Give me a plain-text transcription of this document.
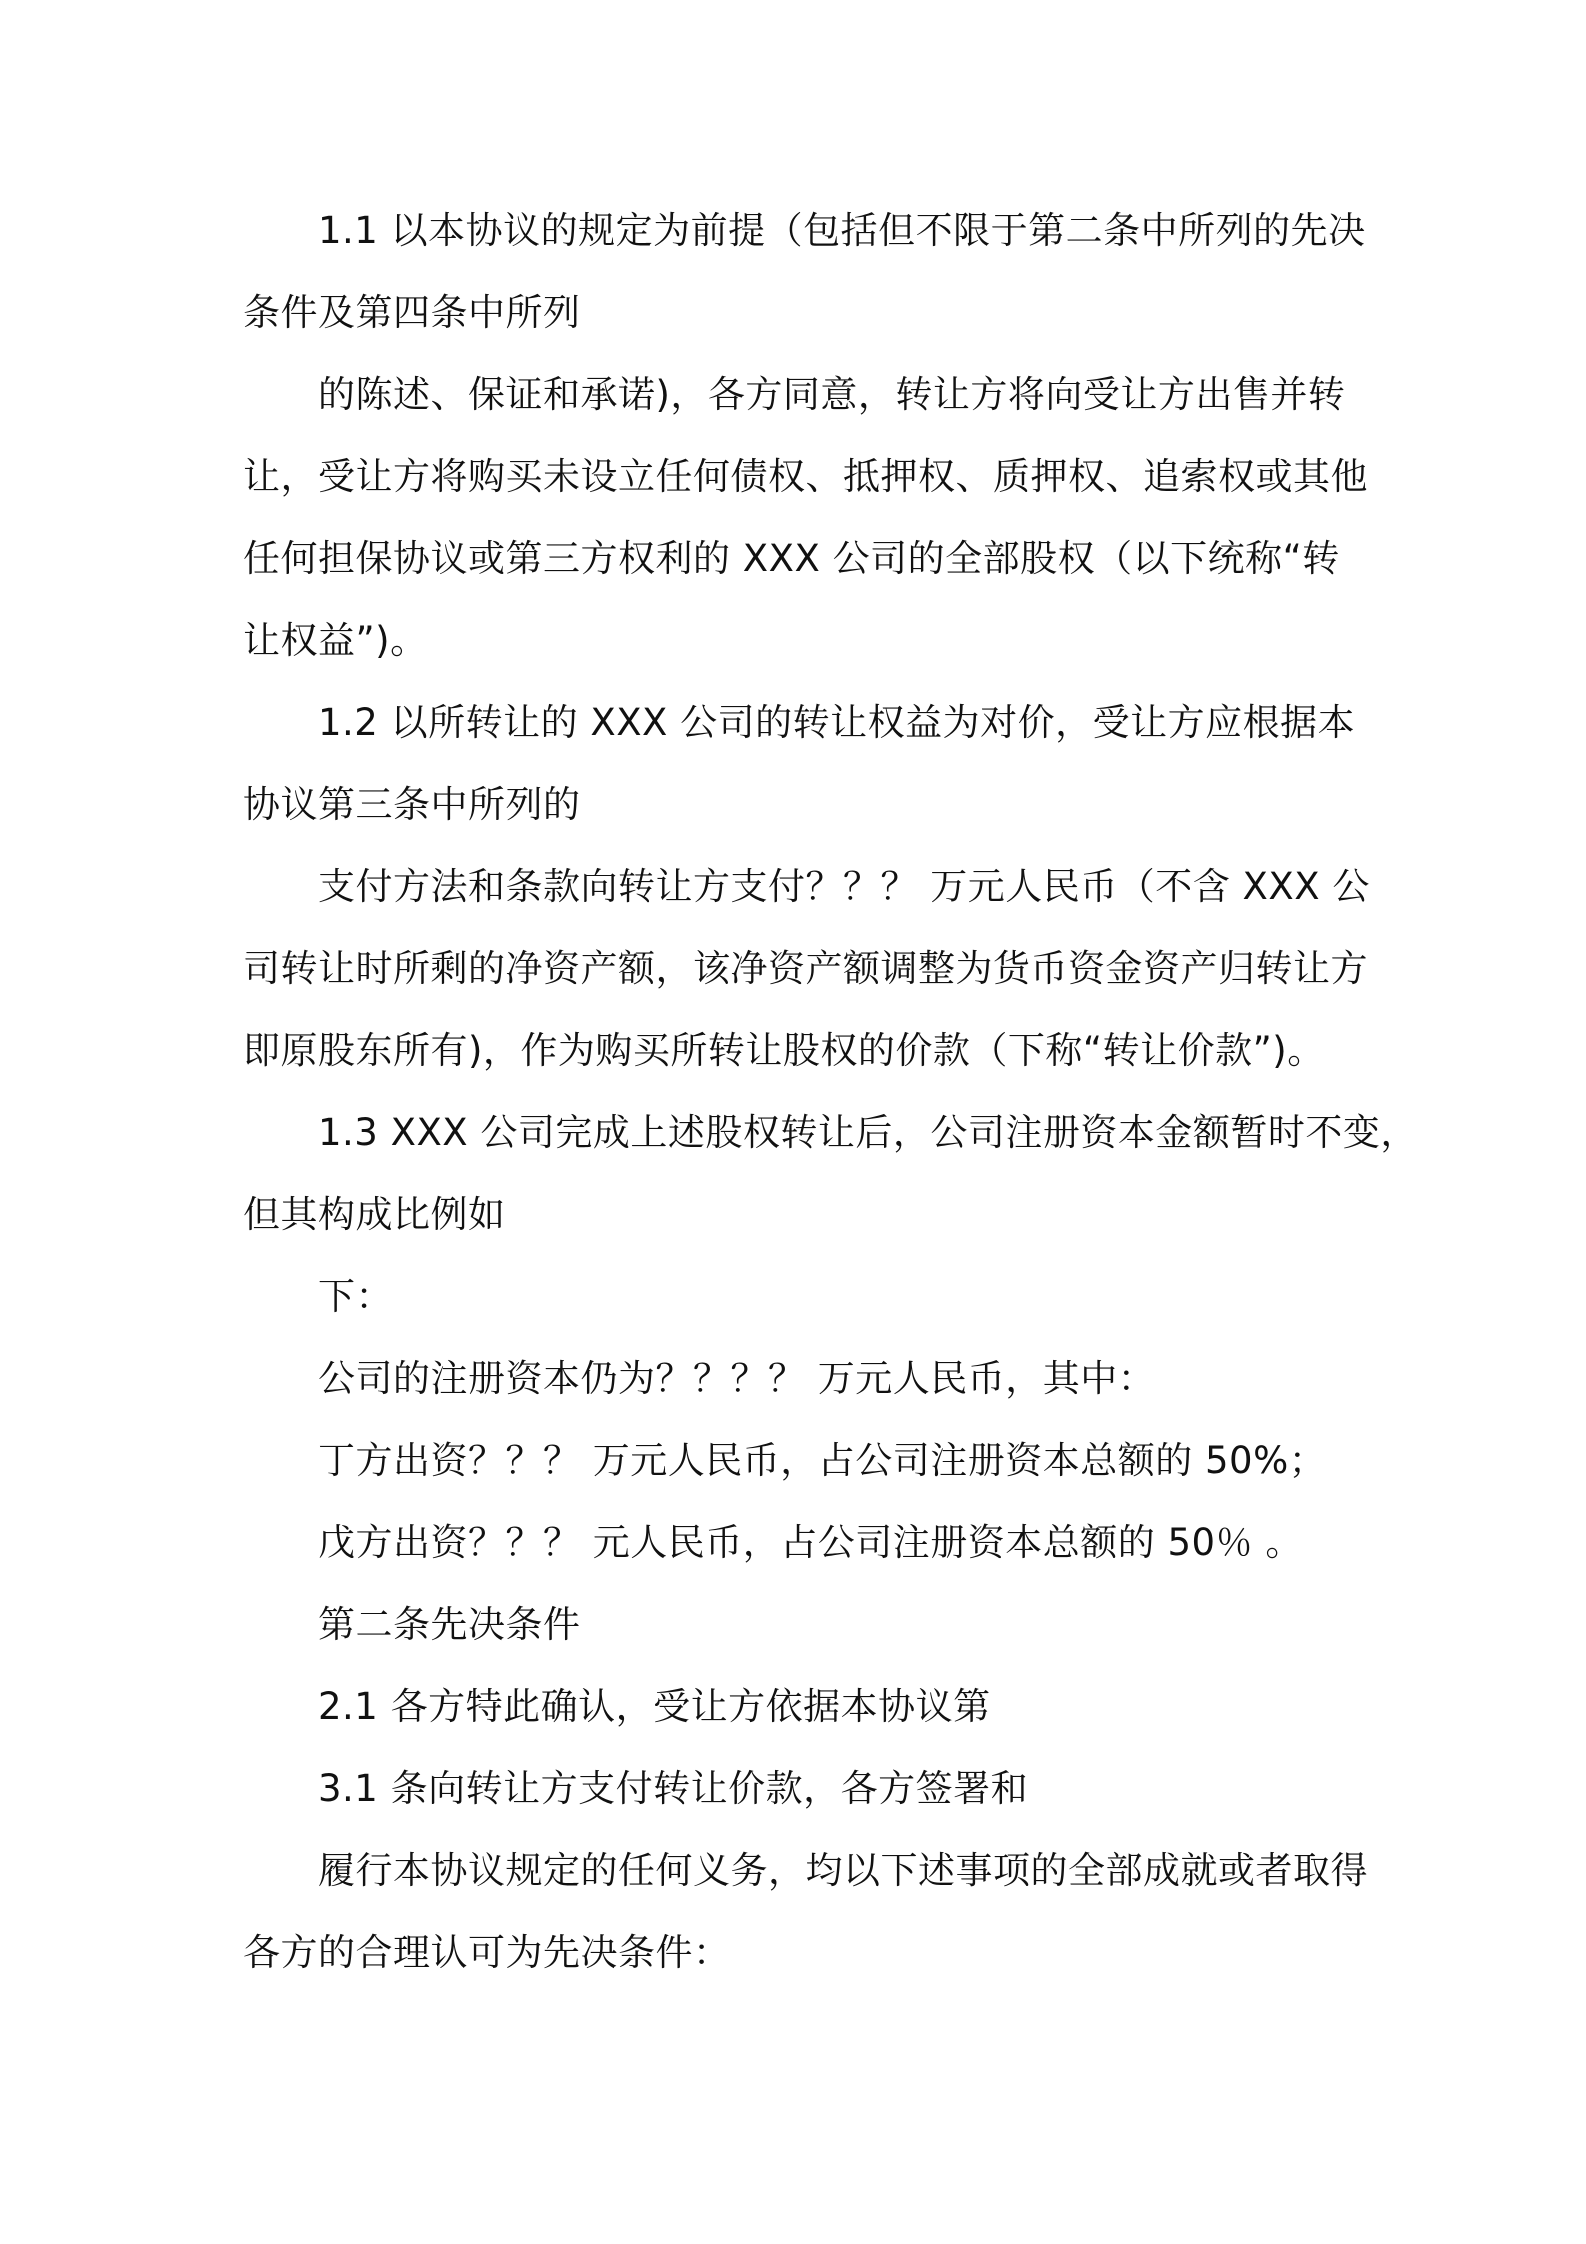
1.1 以本协议的规定为前提（包括但不限于第二条中所列的先决
条件及第四条中所列
的陈述、保证和承诺)，各方同意，转让方将向受让方出售并转
让，受让方将购买未设立任何债权、抵押权、质押权、追索权或其他
任何担保协议或第三方权利的 XXX 公司的全部股权（以下统称“转
让权益”)。
1.2 以所转让的 XXX 公司的转让权益为对价，受让方应根据本
协议第三条中所列的
支付方法和条款向转让方支付？？？ 万元人民币（不含 XXX 公
司转让时所剩的净资产额，该净资产额调整为货币资金资产归转让方
即原股东所有)，作为购买所转让股权的价款（下称“转让价款”)。
1.3 XXX 公司完成上述股权转让后，公司注册资本金额暂时不变，
但其构成比例如
下：
公司的注册资本仍为？？？？ 万元人民币，其中：
丁方出资？？？ 万元人民币，占公司注册资本总额的 50%；
戊方出资？？？ 元人民币，占公司注册资本总额的 50％ 。
第二条先决条件
2.1 各方特此确认，受让方依据本协议第
3.1 条向转让方支付转让价款，各方签署和
履行本协议规定的任何义务，均以下述事项的全部成就或者取得
各方的合理认可为先决条件：
